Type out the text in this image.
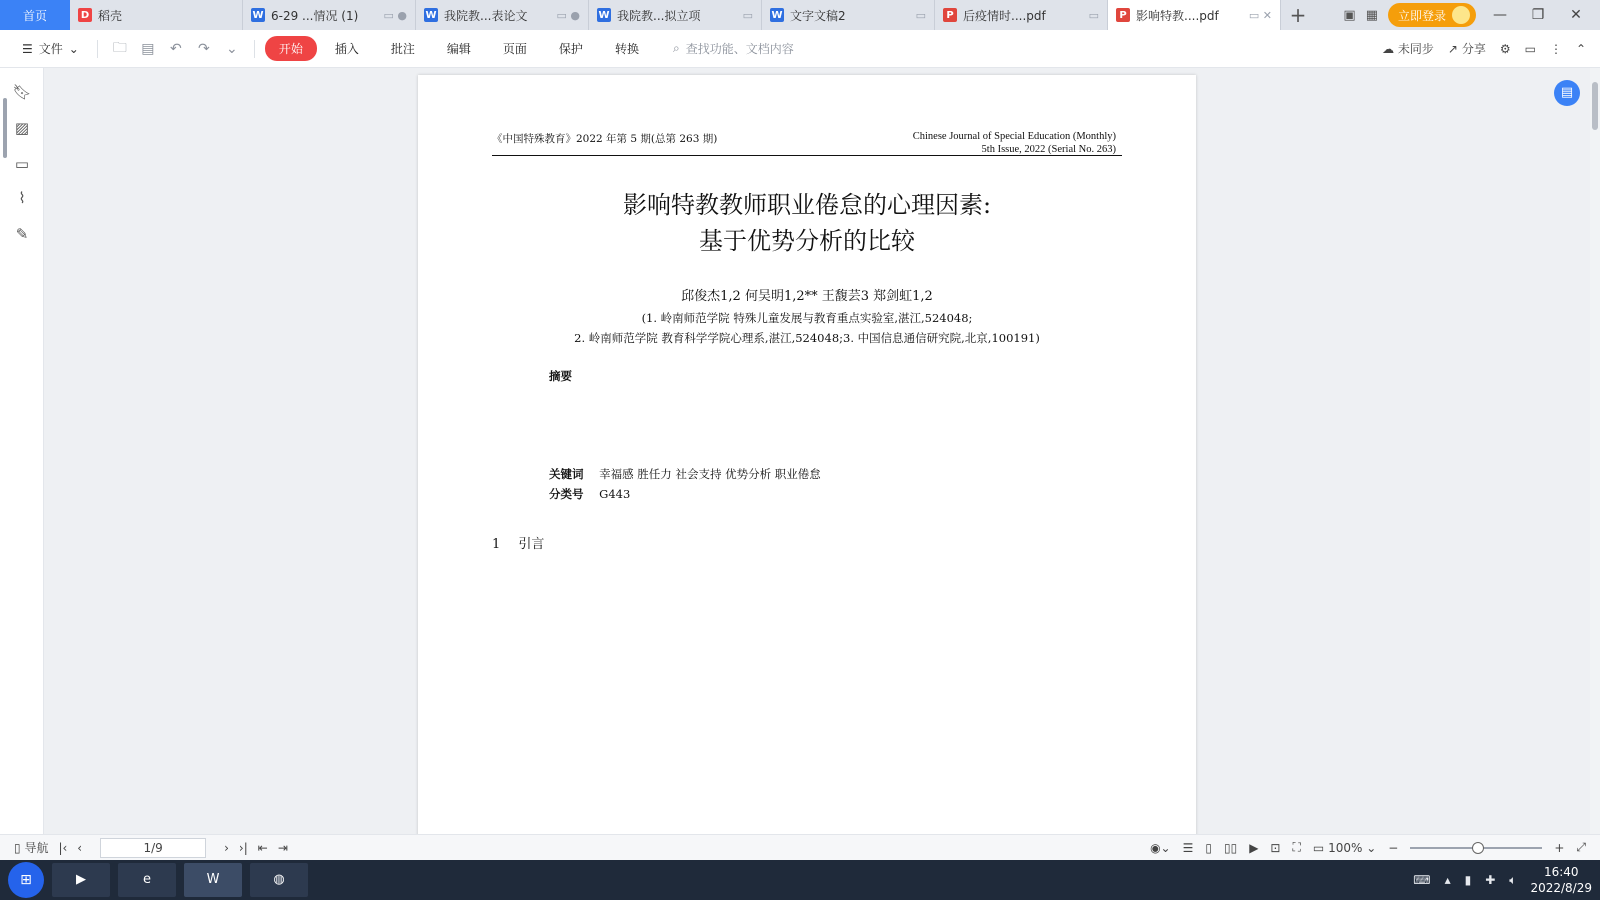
首页	D 稻壳	W 6-29 ...情况 (1)	▭ ● W 我院教...表论文	▭ ● W 我院教...拟立项	▭ W 文字文稿2	▭	P 后疫情时....pdf	▭	P 影响特教....pdf	▭ ✕ +	▣ ▦ 立即登录	—	❐	✕
☰ 文件 ⌄	🗀	▤	↶	↷	⌄	开始	插入	批注	编辑	页面	保护	转换	⌕ 查找功能、文档内容	☁ 未同步 ↗ 分享 ⚙ ▭ ⋮ ⌃
🔖︎
▨
▭
⌇
✎
《中国特殊教育》2022 年第 5 期(总第 263 期)	Chinese Journal of Special Education (Monthly)
5th Issue, 2022 (Serial No. 263)
影响特教教师职业倦怠的心理因素:
基于优势分析的比较
邱俊杰1,2 何吴明1,2** 王馥芸3 郑剑虹1,2
(1. 岭南师范学院 特殊儿童发展与教育重点实验室,湛江,524048;
2. 岭南师范学院 教育科学学院心理系,湛江,524048;3. 中国信息通信研究院,北京,100191)
摘要
关键词 幸福感 胜任力 社会支持 优势分析 职业倦怠
分类号 G443
1 引言
▤
▯ 导航 |‹ ‹	1/9	› ›| ⇤ ⇥	◉⌄ ☰ ▯ ▯▯ ▶ ⊡ ⛶ ▭ 100% ⌄ −	+ ⤢
⊞	▶	e	W	◍	⌨ ▴ ▮ ✚ 🔈︎
16:40
2022/8/29
